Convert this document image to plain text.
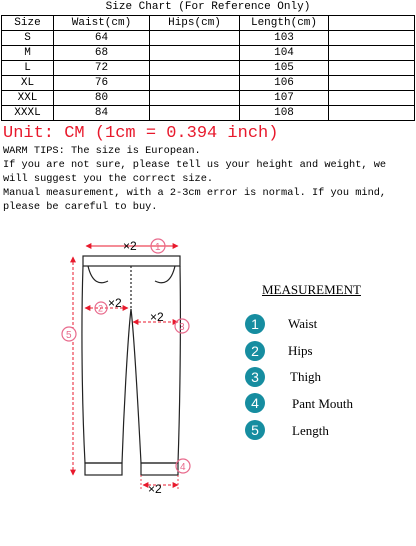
Size Chart (For Reference Only)
Size	Waist(cm)	Hips(cm)	Length(cm)	
S	64		103	
M	68		104	
L	72		105	
XL	76		106	
XXL	80		107	
XXXL	84		108	
Unit: CM (1cm = 0.394 inch)

WARM TIPS: The size is European.

If you are not sure, please tell us your height and weight, we will suggest you the correct size.

Manual measurement, with a 2-3cm error is normal. If you mind, please be careful to buy.

×2 1
2 ×2
×2
3
5
×2
4
MEASUREMENT
1	Waist
2	Hips
3	Thigh
4	Pant Mouth
5	Length
